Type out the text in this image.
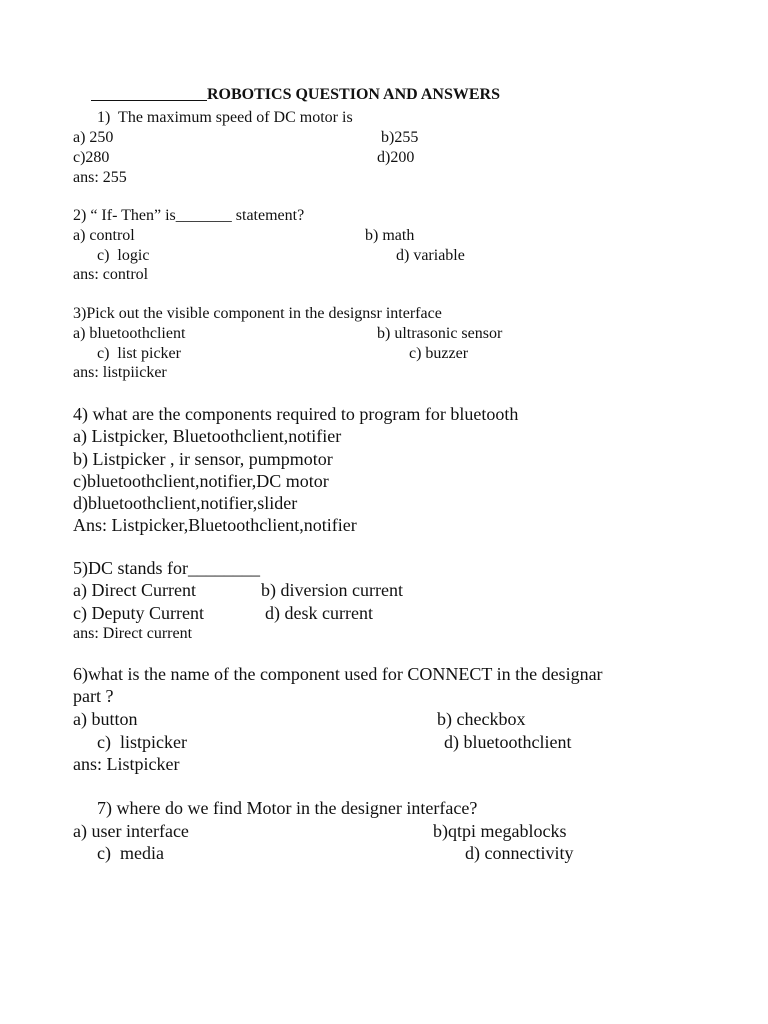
ROBOTICS QUESTION AND ANSWERS

1)  The maximum speed of DC motor is
a) 250	b)255
c)280	d)200
ans: 255
2) “ If- Then” is_______ statement?
a) control	b) math
c)  logic	d) variable
ans: control
3)Pick out the visible component in the designsr interface
a) bluetoothclient	b) ultrasonic sensor
c)  list picker	c) buzzer
ans: listpiicker
4) what are the components required to program for bluetooth
a) Listpicker, Bluetoothclient,notifier
b) Listpicker , ir sensor, pumpmotor
c)bluetoothclient,notifier,DC motor
d)bluetoothclient,notifier,slider
Ans: Listpicker,Bluetoothclient,notifier
5)DC stands for________
a) Direct Current	b) diversion current
c) Deputy Current	d) desk current
ans: Direct current
6)what is the name of the component used for CONNECT in the designar
part ?
a) button	b) checkbox
c)  listpicker	d) bluetoothclient
ans: Listpicker
7) where do we find Motor in the designer interface?
a) user interface	b)qtpi megablocks
c)  media	d) connectivity
